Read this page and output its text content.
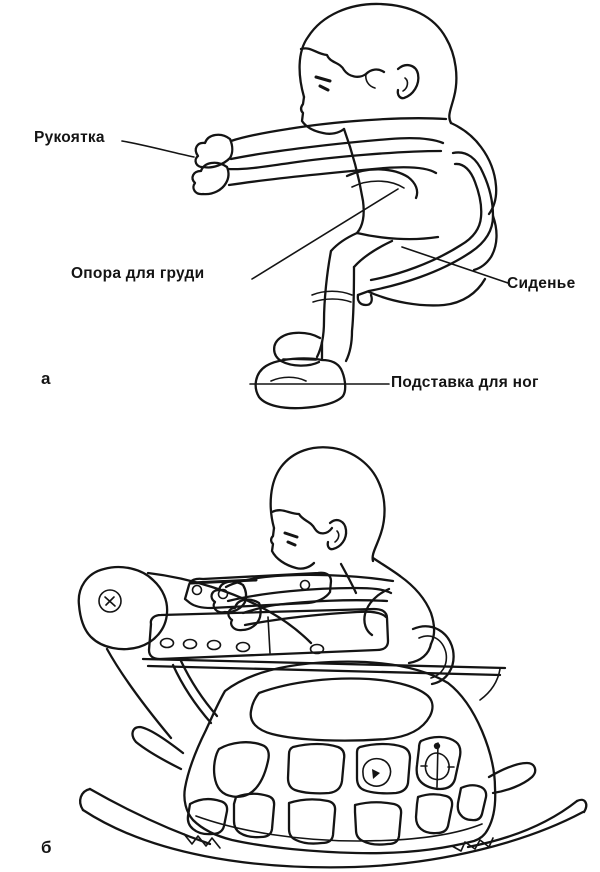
Рукоятка
Опора для груди
Сиденье
Подставка для ног
а
б
